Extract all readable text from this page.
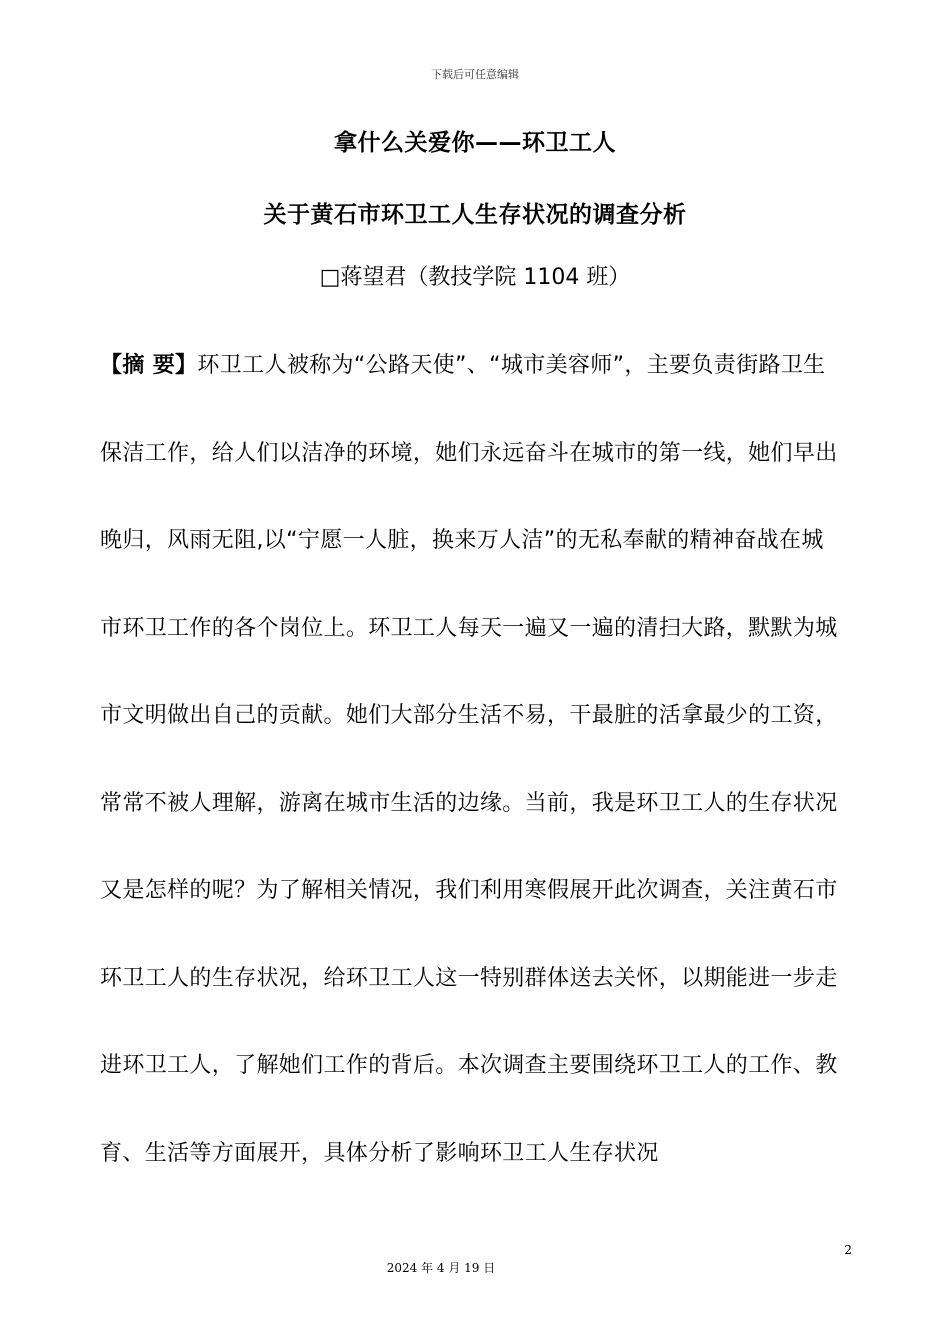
下载后可任意编辑
拿什么关爱你——环卫工人
关于黄石市环卫工人生存状况的调查分析
□蒋望君（教技学院 1104 班）

【摘 要】环卫工人被称为“公路天使”、“城市美容师”，主要负责街路卫生保洁工作，给人们以洁净的环境，她们永远奋斗在城市的第一线，她们早出晚归，风雨无阻,以“宁愿一人脏，换来万人洁”的无私奉献的精神奋战在城市环卫工作的各个岗位上。环卫工人每天一遍又一遍的清扫大路，默默为城市文明做出自己的贡献。她们大部分生活不易，干最脏的活拿最少的工资，常常不被人理解，游离在城市生活的边缘。当前，我是环卫工人的生存状况又是怎样的呢？为了解相关情况，我们利用寒假展开此次调查，关注黄石市环卫工人的生存状况，给环卫工人这一特别群体送去关怀，以期能进一步走进环卫工人，了解她们工作的背后。本次调查主要围绕环卫工人的工作、教育、生活等方面展开，具体分析了影响环卫工人生存状况

2
2024 年 4 月 19 日
